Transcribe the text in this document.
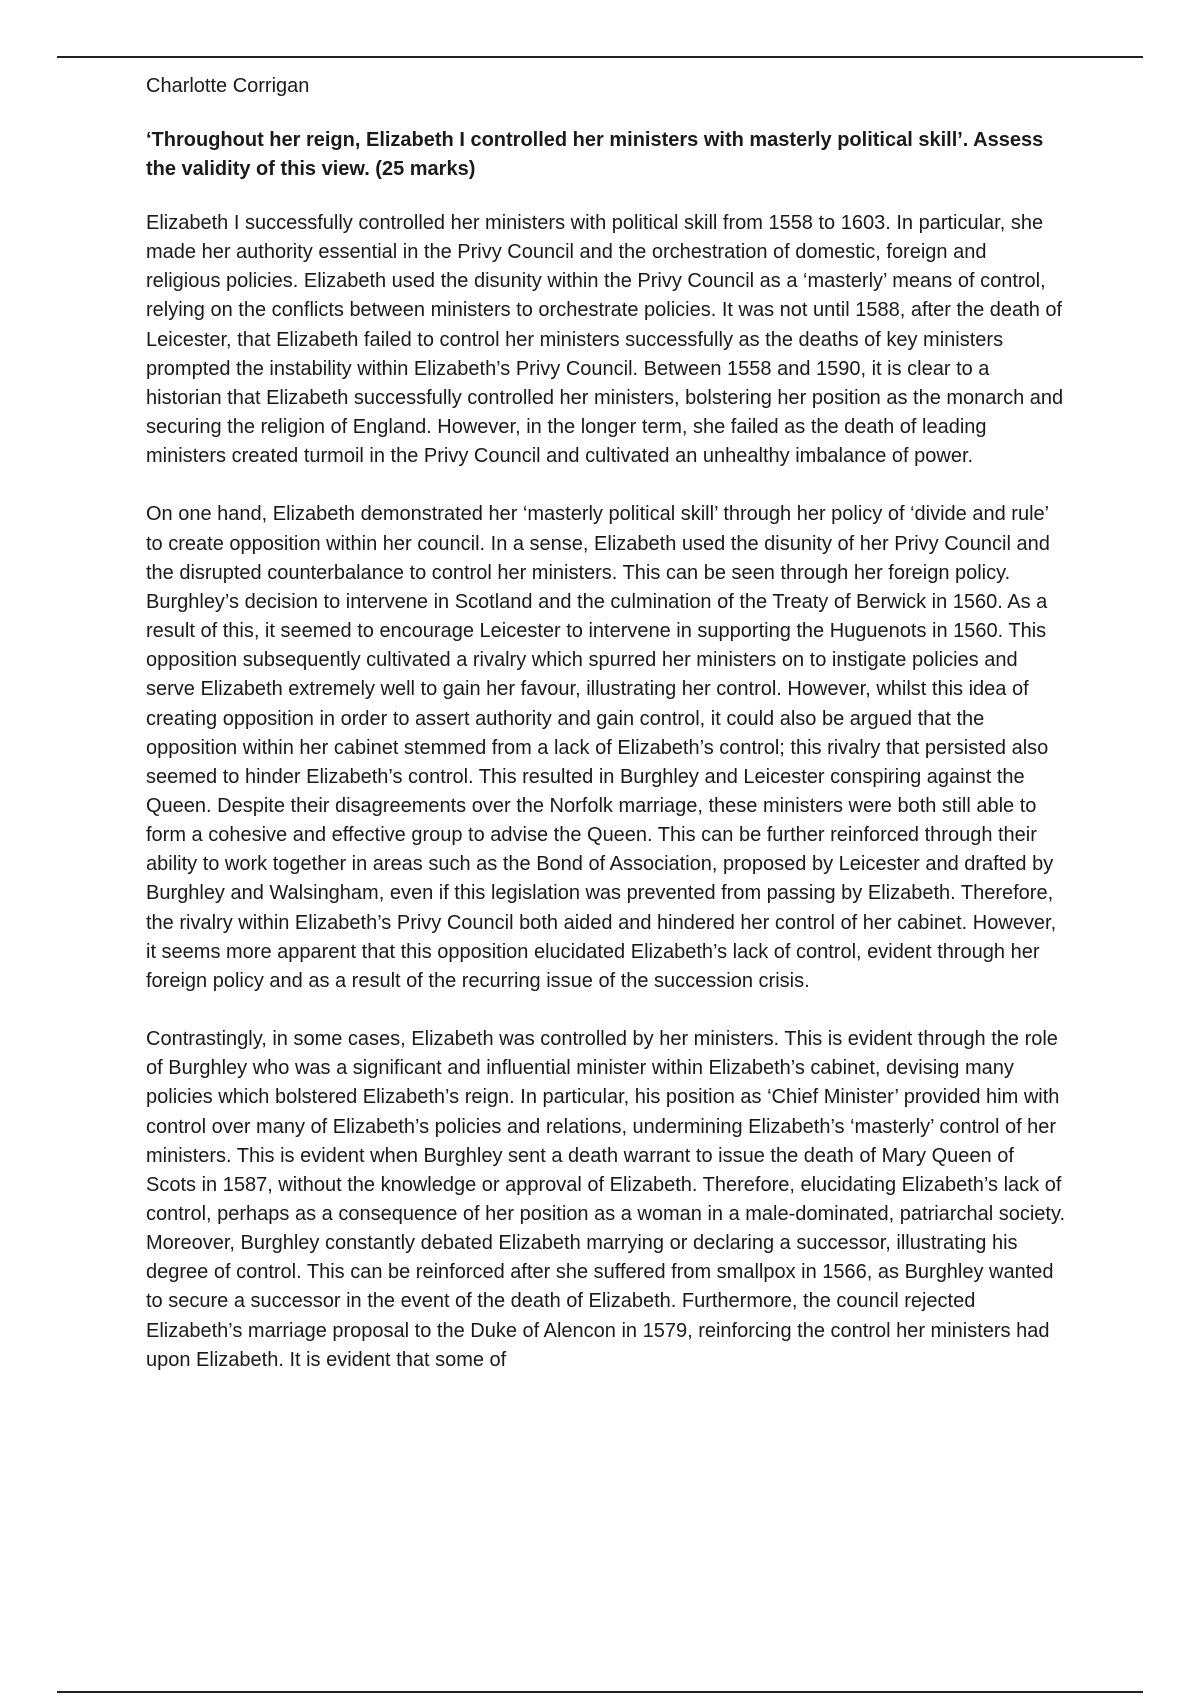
Charlotte Corrigan

‘Throughout her reign, Elizabeth I controlled her ministers with masterly political skill’. Assess the validity of this view. (25 marks)

Elizabeth I successfully controlled her ministers with political skill from 1558 to 1603. In particular, she made her authority essential in the Privy Council and the orchestration of domestic, foreign and religious policies. Elizabeth used the disunity within the Privy Council as a ‘masterly’ means of control, relying on the conflicts between ministers to orchestrate policies. It was not until 1588, after the death of Leicester, that Elizabeth failed to control her ministers successfully as the deaths of key ministers prompted the instability within Elizabeth’s Privy Council. Between 1558 and 1590, it is clear to a historian that Elizabeth successfully controlled her ministers, bolstering her position as the monarch and securing the religion of England. However, in the longer term, she failed as the death of leading ministers created turmoil in the Privy Council and cultivated an unhealthy imbalance of power.

On one hand, Elizabeth demonstrated her ‘masterly political skill’ through her policy of ‘divide and rule’ to create opposition within her council. In a sense, Elizabeth used the disunity of her Privy Council and the disrupted counterbalance to control her ministers. This can be seen through her foreign policy. Burghley’s decision to intervene in Scotland and the culmination of the Treaty of Berwick in 1560. As a result of this, it seemed to encourage Leicester to intervene in supporting the Huguenots in 1560. This opposition subsequently cultivated a rivalry which spurred her ministers on to instigate policies and serve Elizabeth extremely well to gain her favour, illustrating her control. However, whilst this idea of creating opposition in order to assert authority and gain control, it could also be argued that the opposition within her cabinet stemmed from a lack of Elizabeth’s control; this rivalry that persisted also seemed to hinder Elizabeth’s control. This resulted in Burghley and Leicester conspiring against the Queen. Despite their disagreements over the Norfolk marriage, these ministers were both still able to form a cohesive and effective group to advise the Queen. This can be further reinforced through their ability to work together in areas such as the Bond of Association, proposed by Leicester and drafted by Burghley and Walsingham, even if this legislation was prevented from passing by Elizabeth. Therefore, the rivalry within Elizabeth’s Privy Council both aided and hindered her control of her cabinet. However, it seems more apparent that this opposition elucidated Elizabeth’s lack of control, evident through her foreign policy and as a result of the recurring issue of the succession crisis.

Contrastingly, in some cases, Elizabeth was controlled by her ministers. This is evident through the role of Burghley who was a significant and influential minister within Elizabeth’s cabinet, devising many policies which bolstered Elizabeth’s reign. In particular, his position as ‘Chief Minister’ provided him with control over many of Elizabeth’s policies and relations, undermining Elizabeth’s ‘masterly’ control of her ministers. This is evident when Burghley sent a death warrant to issue the death of Mary Queen of Scots in 1587, without the knowledge or approval of Elizabeth. Therefore, elucidating Elizabeth’s lack of control, perhaps as a consequence of her position as a woman in a male-dominated, patriarchal society. Moreover, Burghley constantly debated Elizabeth marrying or declaring a successor, illustrating his degree of control. This can be reinforced after she suffered from smallpox in 1566, as Burghley wanted to secure a successor in the event of the death of Elizabeth. Furthermore, the council rejected Elizabeth’s marriage proposal to the Duke of Alencon in 1579, reinforcing the control her ministers had upon Elizabeth. It is evident that some of
